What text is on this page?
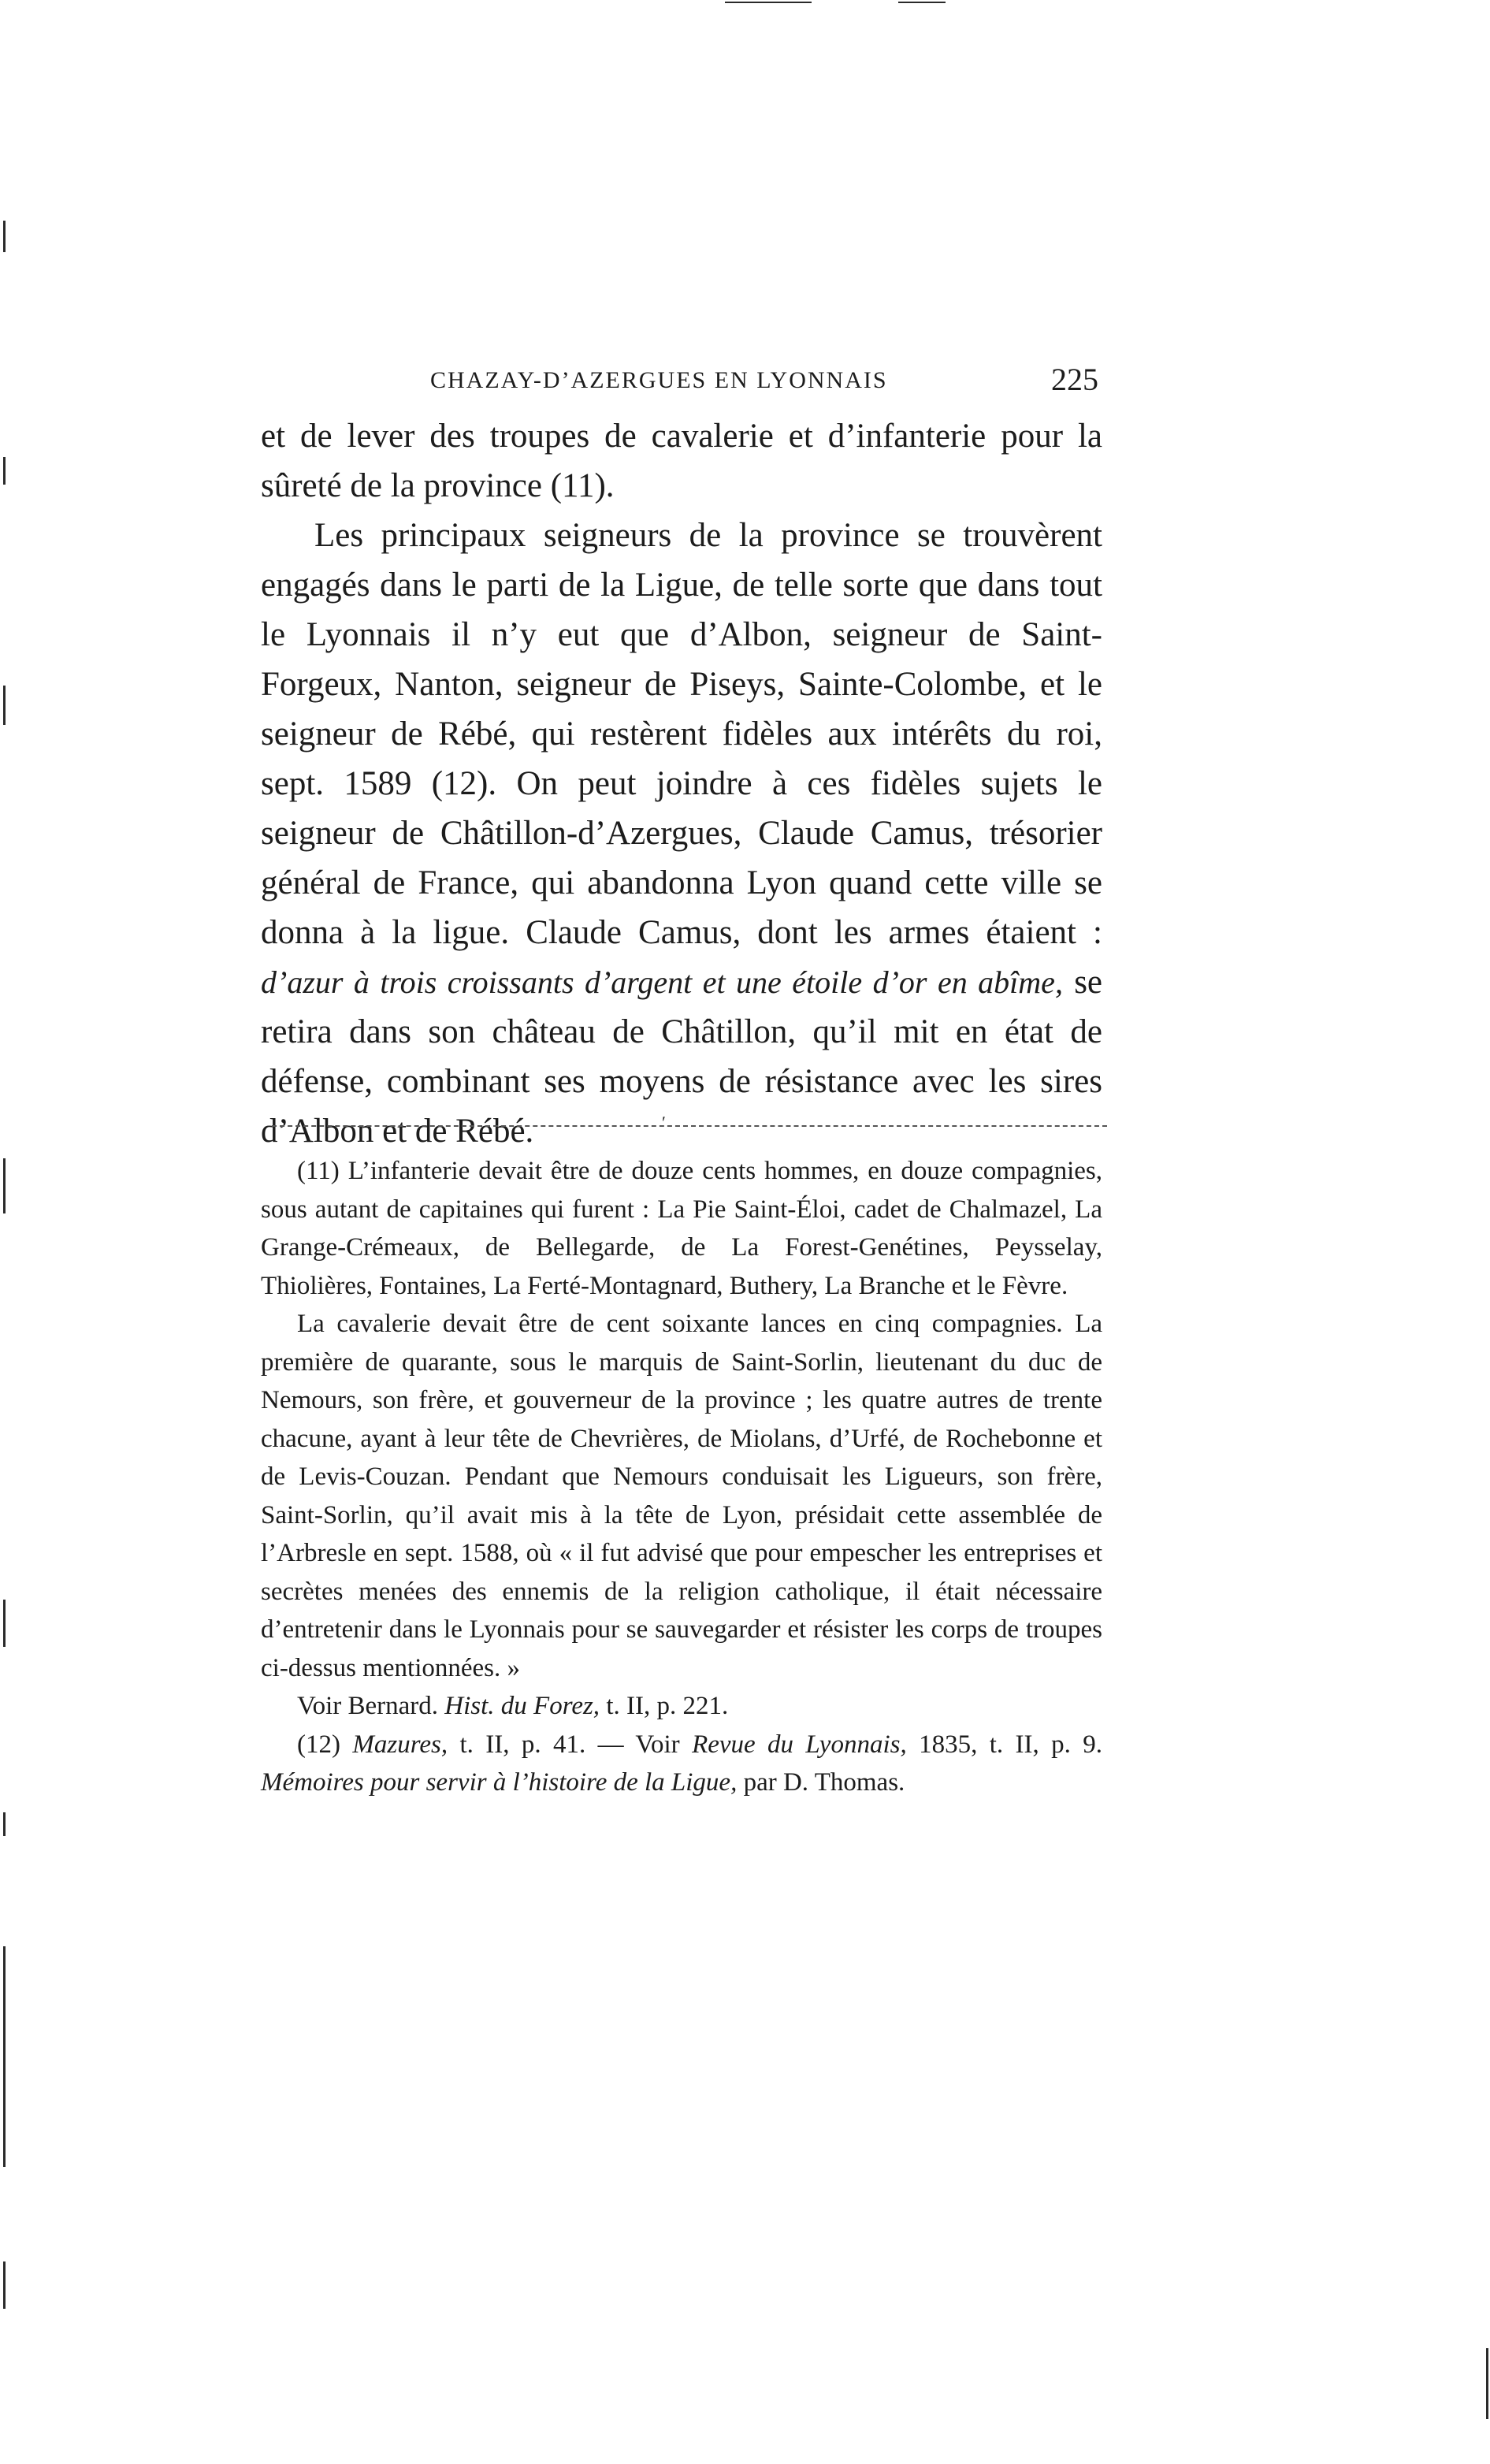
CHAZAY-D’AZERGUES EN LYONNAIS	225

et de lever des troupes de cavalerie et d’infanterie pour la sûreté de la province (11).

Les principaux seigneurs de la province se trouvèrent engagés dans le parti de la Ligue, de telle sorte que dans tout le Lyonnais il n’y eut que d’Albon, seigneur de Saint-Forgeux, Nanton, seigneur de Piseys, Sainte-Colombe, et le seigneur de Rébé, qui restèrent fidèles aux intérêts du roi, sept. 1589 (12). On peut joindre à ces fidèles sujets le seigneur de Châtillon-d’Azergues, Claude Camus, trésorier général de France, qui abandonna Lyon quand cette ville se donna à la ligue. Claude Camus, dont les armes étaient : d’azur à trois croissants d’argent et une étoile d’or en abîme, se retira dans son château de Châtillon, qu’il mit en état de défense, combinant ses moyens de résistance avec les sires d’Albon et de Rébé.	ʹ

(11) L’infanterie devait être de douze cents hommes, en douze compagnies, sous autant de capitaines qui furent : La Pie Saint-Éloi, cadet de Chalmazel, La Grange-Crémeaux, de Bellegarde, de La Forest-Genétines, Peysselay, Thiolières, Fontaines, La Ferté-Montagnard, Buthery, La Branche et le Fèvre.

La cavalerie devait être de cent soixante lances en cinq compagnies. La première de quarante, sous le marquis de Saint-Sorlin, lieutenant du duc de Nemours, son frère, et gouverneur de la province ; les quatre autres de trente chacune, ayant à leur tête de Chevrières, de Miolans, d’Urfé, de Rochebonne et de Levis-Couzan. Pendant que Nemours conduisait les Ligueurs, son frère, Saint-Sorlin, qu’il avait mis à la tête de Lyon, présidait cette assemblée de l’Arbresle en sept. 1588, où « il fut advisé que pour empescher les entreprises et secrètes menées des ennemis de la religion catholique, il était nécessaire d’entretenir dans le Lyonnais pour se sauvegarder et résister les corps de troupes ci-dessus mentionnées. »

Voir Bernard. Hist. du Forez, t. II, p. 221.

(12) Mazures, t. II, p. 41. — Voir Revue du Lyonnais, 1835, t. II, p. 9. Mémoires pour servir à l’histoire de la Ligue, par D. Thomas.
